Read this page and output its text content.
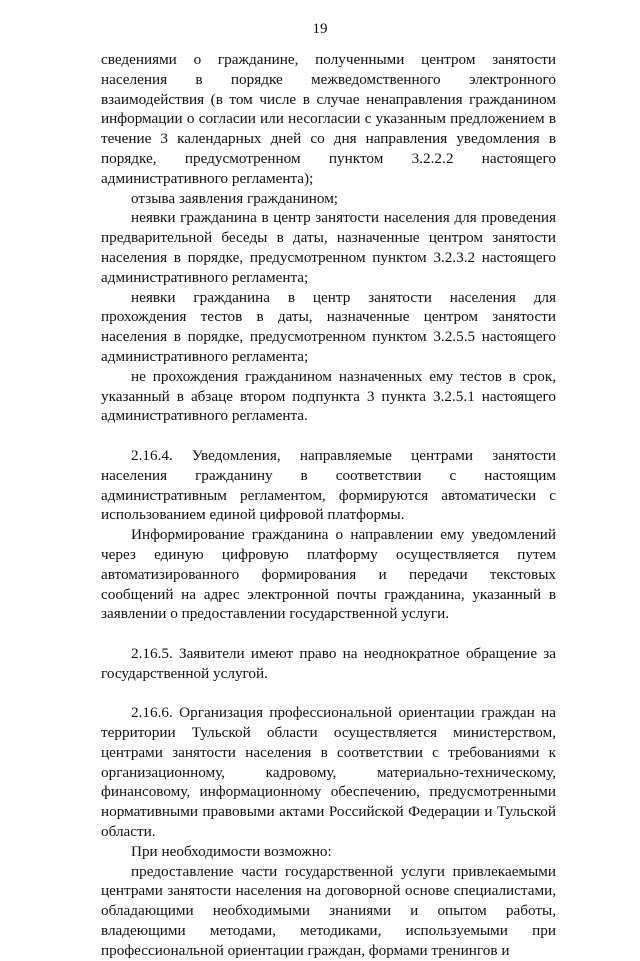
19

сведениями о гражданине, полученными центром занятости населения в порядке межведомственного электронного взаимодействия (в том числе в случае ненаправления гражданином информации о согласии или несогласии с указанным предложением в течение 3 календарных дней со дня направления уведомления в порядке, предусмотренном пунктом 3.2.2.2 настоящего административного регламента);

отзыва заявления гражданином;

неявки гражданина в центр занятости населения для проведения предварительной беседы в даты, назначенные центром занятости населения в порядке, предусмотренном пунктом 3.2.3.2 настоящего административного регламента;

неявки гражданина в центр занятости населения для прохождения тестов в даты, назначенные центром занятости населения в порядке, предусмотренном пунктом 3.2.5.5 настоящего административного регламента;

не прохождения гражданином назначенных ему тестов в срок, указанный в абзаце втором подпункта 3 пункта 3.2.5.1 настоящего административного регламента.

2.16.4. Уведомления, направляемые центрами занятости населения гражданину в соответствии с настоящим административным регламентом, формируются автоматически с использованием единой цифровой платформы.

Информирование гражданина о направлении ему уведомлений через единую цифровую платформу осуществляется путем автоматизированного формирования и передачи текстовых сообщений на адрес электронной почты гражданина, указанный в заявлении о предоставлении государственной услуги.

2.16.5. Заявители имеют право на неоднократное обращение за государственной услугой.

2.16.6. Организация профессиональной ориентации граждан на территории Тульской области осуществляется министерством, центрами занятости населения в соответствии с требованиями к организационному, кадровому, материально-техническому, финансовому, информационному обеспечению, предусмотренными нормативными правовыми актами Российской Федерации и Тульской области.

При необходимости возможно:

предоставление части государственной услуги привлекаемыми центрами занятости населения на договорной основе специалистами, обладающими необходимыми знаниями и опытом работы, владеющими методами, методиками, используемыми при профессиональной ориентации граждан, формами тренингов и
